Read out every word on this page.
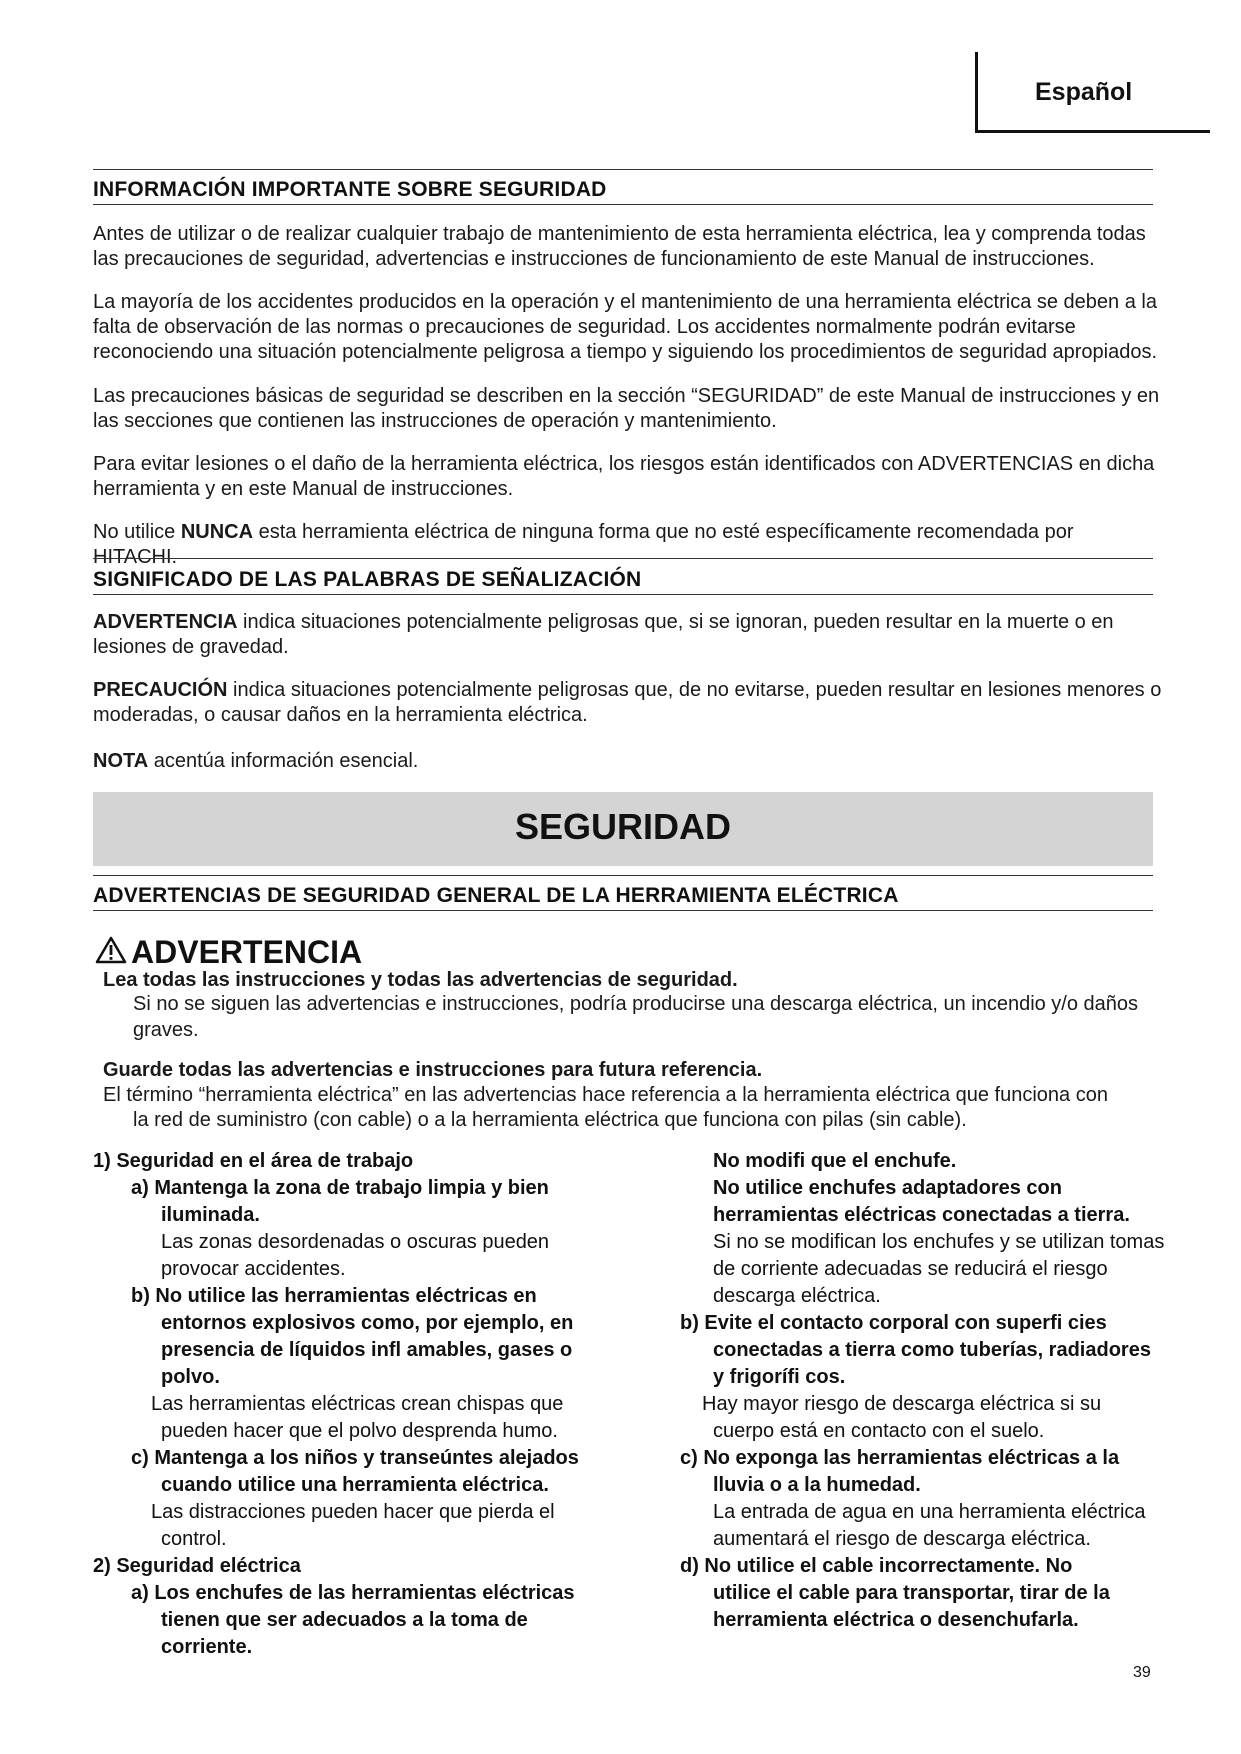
Español
INFORMACIÓN IMPORTANTE SOBRE SEGURIDAD
Antes de utilizar o de realizar cualquier trabajo de mantenimiento de esta herramienta eléctrica, lea y comprenda todas las precauciones de seguridad, advertencias e instrucciones de funcionamiento de este Manual de instrucciones.
La mayoría de los accidentes producidos en la operación y el mantenimiento de una herramienta eléctrica se deben a la falta de observación de las normas o precauciones de seguridad. Los accidentes normalmente podrán evitarse reconociendo una situación potencialmente peligrosa a tiempo y siguiendo los procedimientos de seguridad apropiados.
Las precauciones básicas de seguridad se describen en la sección “SEGURIDAD” de este Manual de instrucciones y en las secciones que contienen las instrucciones de operación y mantenimiento.
Para evitar lesiones o el daño de la herramienta eléctrica, los riesgos están identificados con ADVERTENCIAS en dicha herramienta y en este Manual de instrucciones.
No utilice NUNCA esta herramienta eléctrica de ninguna forma que no esté específicamente recomendada por HITACHI.
SIGNIFICADO DE LAS PALABRAS DE SEÑALIZACIÓN
ADVERTENCIA indica situaciones potencialmente peligrosas que, si se ignoran, pueden resultar en la muerte o en lesiones de gravedad.
PRECAUCIÓN indica situaciones potencialmente peligrosas que, de no evitarse, pueden resultar en lesiones menores o moderadas, o causar daños en la herramienta eléctrica.
NOTA acentúa información esencial.
SEGURIDAD
ADVERTENCIAS DE SEGURIDAD GENERAL DE LA HERRAMIENTA ELÉCTRICA
ADVERTENCIA
Lea todas las instrucciones y todas las advertencias de seguridad.
Si no se siguen las advertencias e instrucciones, podría producirse una descarga eléctrica, un incendio y/o daños
graves.
Guarde todas las advertencias e instrucciones para futura referencia.
El término “herramienta eléctrica” en las advertencias hace referencia a la herramienta eléctrica que funciona con
la red de suministro (con cable) o a la herramienta eléctrica que funciona con pilas (sin cable).
1) Seguridad en el área de trabajo
a) Mantenga la zona de trabajo limpia y bien
iluminada.
Las zonas desordenadas o oscuras pueden
provocar accidentes.
b) No utilice las herramientas eléctricas en
entornos explosivos como, por ejemplo, en
presencia de líquidos infl amables, gases o
polvo.
Las herramientas eléctricas crean chispas que
pueden hacer que el polvo desprenda humo.
c) Mantenga a los niños y transeúntes alejados
cuando utilice una herramienta eléctrica.
Las distracciones pueden hacer que pierda el
control.
2) Seguridad eléctrica
a) Los enchufes de las herramientas eléctricas
tienen que ser adecuados a la toma de
corriente.
No modifi que el enchufe.
No utilice enchufes adaptadores con
herramientas eléctricas conectadas a tierra.
Si no se modifican los enchufes y se utilizan tomas
de corriente adecuadas se reducirá el riesgo
descarga eléctrica.
b) Evite el contacto corporal con superfi cies
conectadas a tierra como tuberías, radiadores
y frigorífi cos.
Hay mayor riesgo de descarga eléctrica si su
cuerpo está en contacto con el suelo.
c) No exponga las herramientas eléctricas a la
lluvia o a la humedad.
La entrada de agua en una herramienta eléctrica
aumentará el riesgo de descarga eléctrica.
d) No utilice el cable incorrectamente. No
utilice el cable para transportar, tirar de la
herramienta eléctrica o desenchufarla.
39
